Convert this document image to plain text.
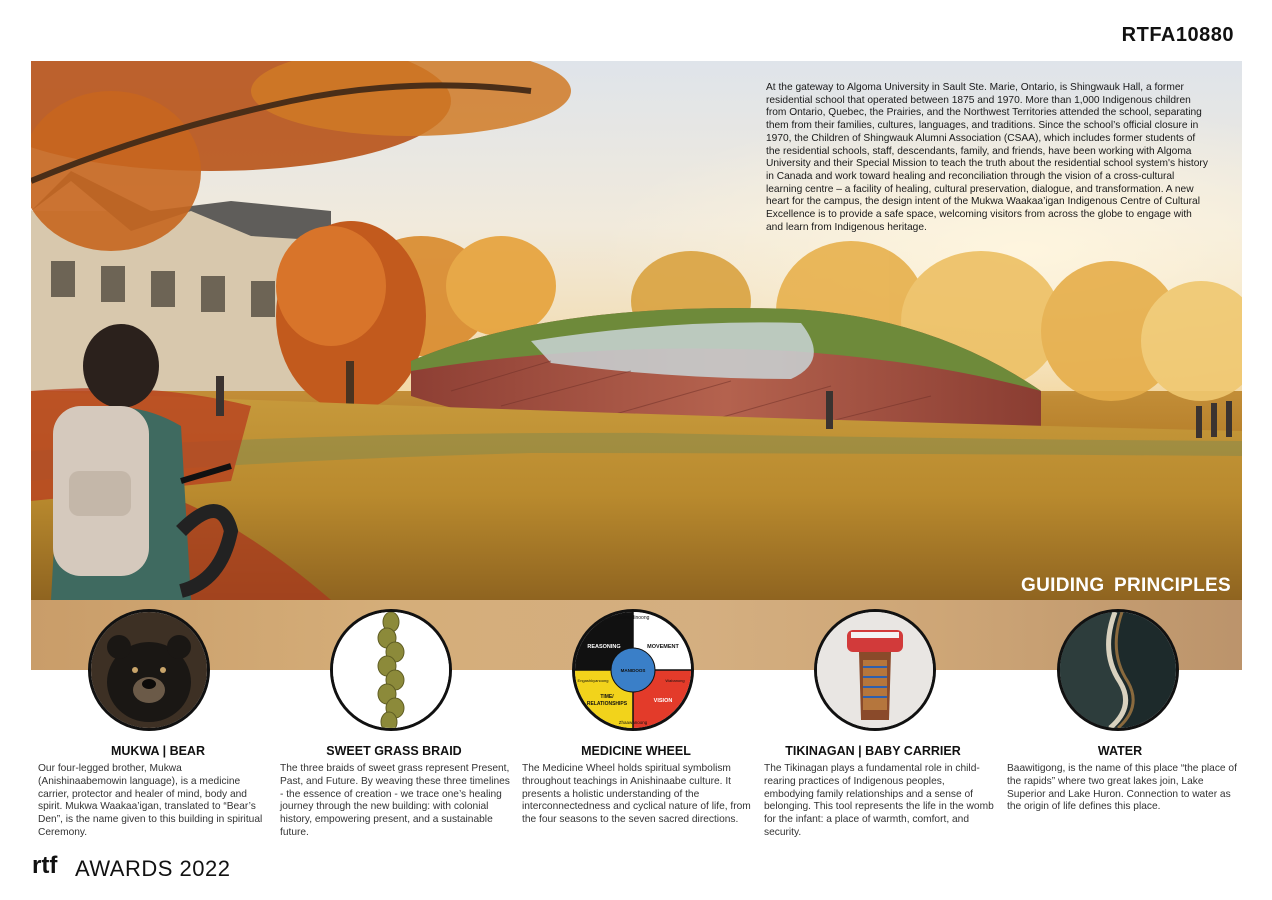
RTFA10880
At the gateway to Algoma University in Sault Ste. Marie, Ontario, is Shingwauk Hall, a former residential school that operated between 1875 and 1970. More than 1,000 Indigenous children from Ontario, Quebec, the Prairies, and the Northwest Territories attended the school, separating them from their families, cultures, languages, and traditions. Since the school’s official closure in 1970, the Children of Shingwauk Alumni Association (CSAA), which includes former students of the residential schools, staff, descendants, family, and friends, have been working with Algoma University and their Special Mission to teach the truth about the residential school system's history in Canada and work toward healing and reconciliation through the vision of a cross-cultural learning centre – a facility of healing, cultural preservation, dialogue, and transformation. A new heart for the campus, the design intent of the Mukwa Waakaa’igan Indigenous Centre of Cultural Excellence is to provide a safe space, welcoming visitors from across the globe to engage with and learn from Indigenous heritage.
GUIDING PRINCIPLES
Kewaydinoong
REASONING	MOVEMENT
MANIDOOS
Engashkyanoong	Wabanong
TIME/
RELATIONSHIPS	VISION
Zhaawanoong
MUKWA | BEAR
Our four-legged brother, Mukwa (Anishinaabemowin language), is a medicine carrier, protector and healer of mind, body and spirit. Mukwa Waakaa’igan, translated to “Bear’s Den”, is the name given to this building in spiritual Ceremony.
SWEET GRASS BRAID
The three braids of sweet grass represent Present, Past, and Future. By weaving these three timelines - the essence of creation - we trace one’s healing journey through the new building: with colonial history, empowering present, and a sustainable future.
MEDICINE WHEEL
The Medicine Wheel holds spiritual symbolism throughout teachings in Anishinaabe culture. It presents a holistic understanding of the interconnectedness and cyclical nature of life, from the four seasons to the seven sacred directions.
TIKINAGAN | BABY CARRIER
The Tikinagan plays a fundamental role in child-rearing practices of Indigenous peoples, embodying family relationships and a sense of belonging. This tool represents the life in the womb for the infant: a place of warmth, comfort, and security.
WATER
Baawitigong, is the name of this place “the place of the rapids” where two great lakes join, Lake Superior and Lake Huron. Connection to water as the origin of life defines this place.
rtf AWARDS 2022
